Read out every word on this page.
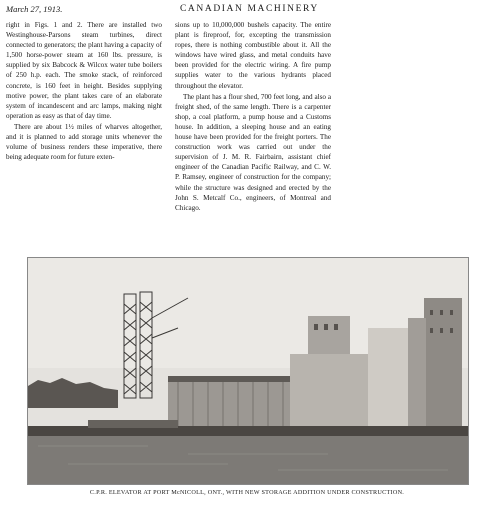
March 27, 1913.	CANADIAN MACHINERY

right in Figs. 1 and 2. There are installed two Westinghouse-Parsons steam turbines, direct connected to generators; the plant having a capacity of 1,500 horse-power steam at 160 lbs. pressure, is supplied by six Babcock & Wilcox water tube boilers of 250 h.p. each. The smoke stack, of reinforced concrete, is 160 feet in height. Besides supplying motive power, the plant takes care of an elaborate system of incandescent and arc lamps, making night operation as easy as that of day time.

There are about 1½ miles of wharves altogether, and it is planned to add storage units whenever the volume of business renders these imperative, there being adequate room for future exten-

sions up to 10,000,000 bushels capacity. The entire plant is fireproof, for, excepting the transmission ropes, there is nothing combustible about it. All the windows have wired glass, and metal conduits have been provided for the electric wiring. A fire pump supplies water to the various hydrants placed throughout the elevator.

The plant has a flour shed, 700 feet long, and also a freight shed, of the same length. There is a carpenter shop, a coal platform, a pump house and a Customs house. In addition, a sleeping house and an eating house have been provided for the freight porters. The construction work was carried out under the supervision of J. M. R. Fairbairn, assistant chief engineer of the Canadian Pacific Railway, and C. W. P. Ramsey, engineer of construction for the company; while the structure was designed and erected by the John S. Metcalf Co., engineers, of Montreal and Chicago.

C.P.R. ELEVATOR AT PORT McNICOLL, ONT., WITH NEW STORAGE ADDITION UNDER CONSTRUCTION.
